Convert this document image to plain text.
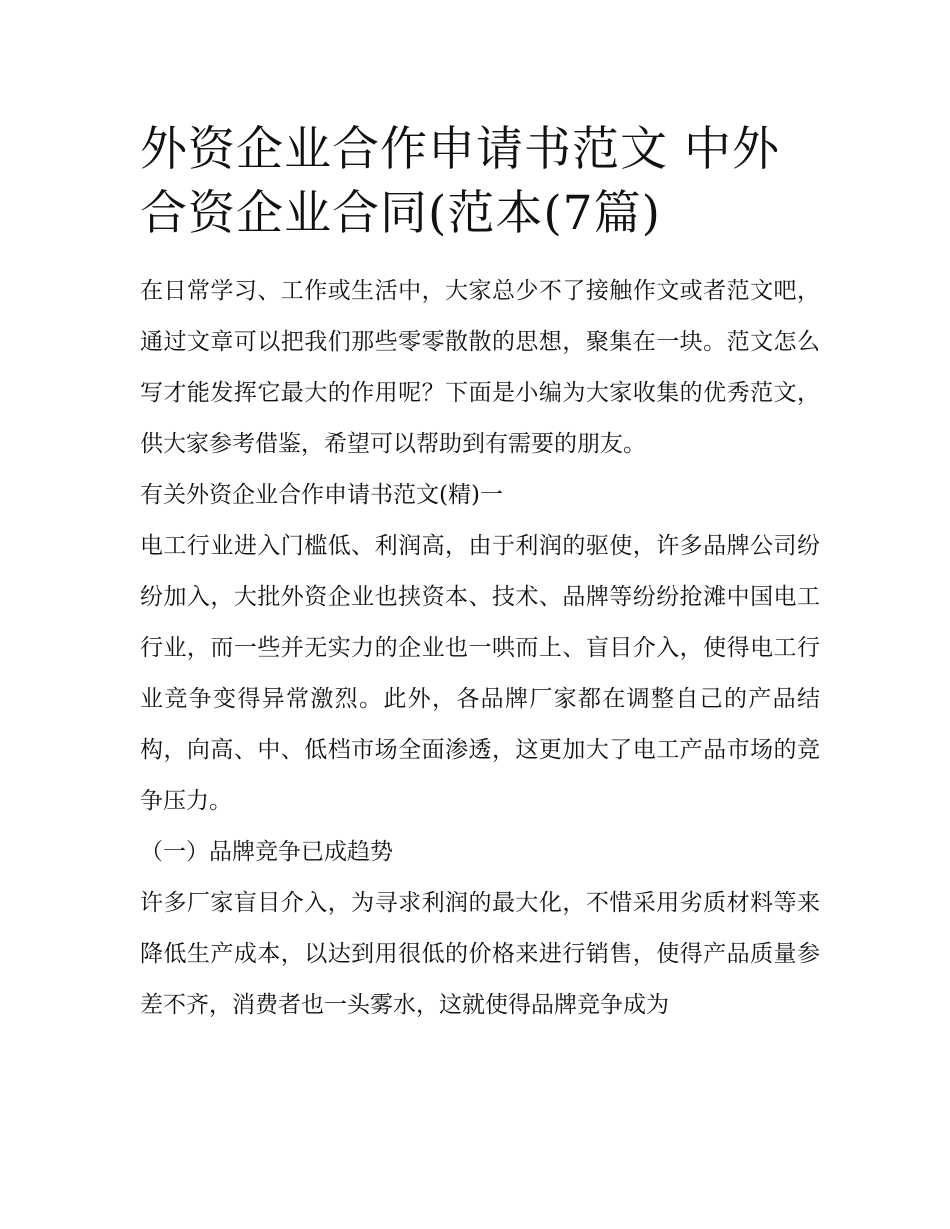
外资企业合作申请书范文 中外合资企业合同(范本(7篇)

在日常学习、工作或生活中，大家总少不了接触作文或者范文吧，通过文章可以把我们那些零零散散的思想，聚集在一块。范文怎么写才能发挥它最大的作用呢？下面是小编为大家收集的优秀范文，供大家参考借鉴，希望可以帮助到有需要的朋友。

有关外资企业合作申请书范文(精)一

电工行业进入门槛低、利润高，由于利润的驱使，许多品牌公司纷纷加入，大批外资企业也挟资本、技术、品牌等纷纷抢滩中国电工行业，而一些并无实力的企业也一哄而上、盲目介入，使得电工行业竞争变得异常激烈。此外，各品牌厂家都在调整自己的产品结构，向高、中、低档市场全面渗透，这更加大了电工产品市场的竞争压力。

（一）品牌竞争已成趋势

许多厂家盲目介入，为寻求利润的最大化，不惜采用劣质材料等来降低生产成本，以达到用很低的价格来进行销售，使得产品质量参差不齐，消费者也一头雾水，这就使得品牌竞争成为
